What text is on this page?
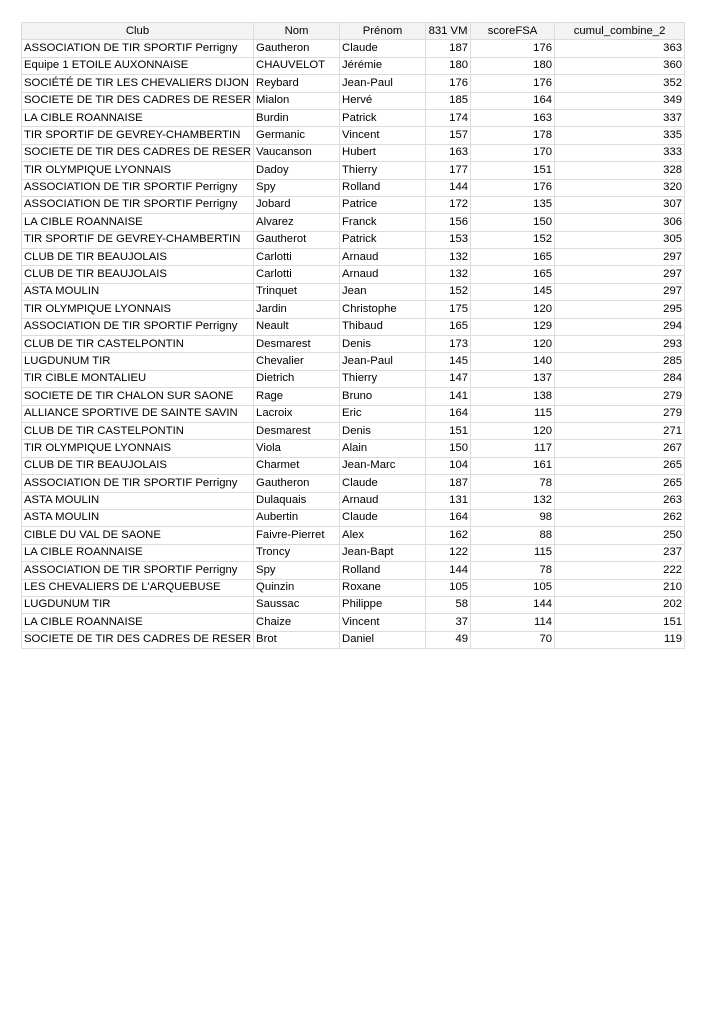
Club	Nom	Prénom	831 VM	scoreFSA	cumul_combine_2
ASSOCIATION DE TIR SPORTIF Perrigny	Gautheron	Claude	187	176	363
Equipe 1 ETOILE AUXONNAISE	CHAUVELOT	Jérémie	180	180	360
SOCIÉTÉ DE TIR LES CHEVALIERS DIJON	Reybard	Jean-Paul	176	176	352
SOCIETE DE TIR DES CADRES DE RESER	Mialon	Hervé	185	164	349
LA CIBLE ROANNAISE	Burdin	Patrick	174	163	337
TIR SPORTIF DE GEVREY-CHAMBERTIN	Germanic	Vincent	157	178	335
SOCIETE DE TIR DES CADRES DE RESER	Vaucanson	Hubert	163	170	333
TIR OLYMPIQUE LYONNAIS	Dadoy	Thierry	177	151	328
ASSOCIATION DE TIR SPORTIF Perrigny	Spy	Rolland	144	176	320
ASSOCIATION DE TIR SPORTIF Perrigny	Jobard	Patrice	172	135	307
LA CIBLE ROANNAISE	Alvarez	Franck	156	150	306
TIR SPORTIF DE GEVREY-CHAMBERTIN	Gautherot	Patrick	153	152	305
CLUB DE TIR BEAUJOLAIS	Carlotti	Arnaud	132	165	297
CLUB DE TIR BEAUJOLAIS	Carlotti	Arnaud	132	165	297
ASTA MOULIN	Trinquet	Jean	152	145	297
TIR OLYMPIQUE LYONNAIS	Jardin	Christophe	175	120	295
ASSOCIATION DE TIR SPORTIF Perrigny	Neault	Thibaud	165	129	294
CLUB DE TIR CASTELPONTIN	Desmarest	Denis	173	120	293
LUGDUNUM TIR	Chevalier	Jean-Paul	145	140	285
TIR CIBLE MONTALIEU	Dietrich	Thierry	147	137	284
SOCIETE DE TIR CHALON SUR SAONE	Rage	Bruno	141	138	279
ALLIANCE SPORTIVE DE SAINTE SAVIN	Lacroix	Eric	164	115	279
CLUB DE TIR CASTELPONTIN	Desmarest	Denis	151	120	271
TIR OLYMPIQUE LYONNAIS	Viola	Alain	150	117	267
CLUB DE TIR BEAUJOLAIS	Charmet	Jean-Marc	104	161	265
ASSOCIATION DE TIR SPORTIF Perrigny	Gautheron	Claude	187	78	265
ASTA MOULIN	Dulaquais	Arnaud	131	132	263
ASTA MOULIN	Aubertin	Claude	164	98	262
CIBLE DU VAL DE SAONE	Faivre-Pierret	Alex	162	88	250
LA CIBLE ROANNAISE	Troncy	Jean-Bapt	122	115	237
ASSOCIATION DE TIR SPORTIF Perrigny	Spy	Rolland	144	78	222
LES CHEVALIERS DE L'ARQUEBUSE	Quinzin	Roxane	105	105	210
LUGDUNUM TIR	Saussac	Philippe	58	144	202
LA CIBLE ROANNAISE	Chaize	Vincent	37	114	151
SOCIETE DE TIR DES CADRES DE RESER	Brot	Daniel	49	70	119
